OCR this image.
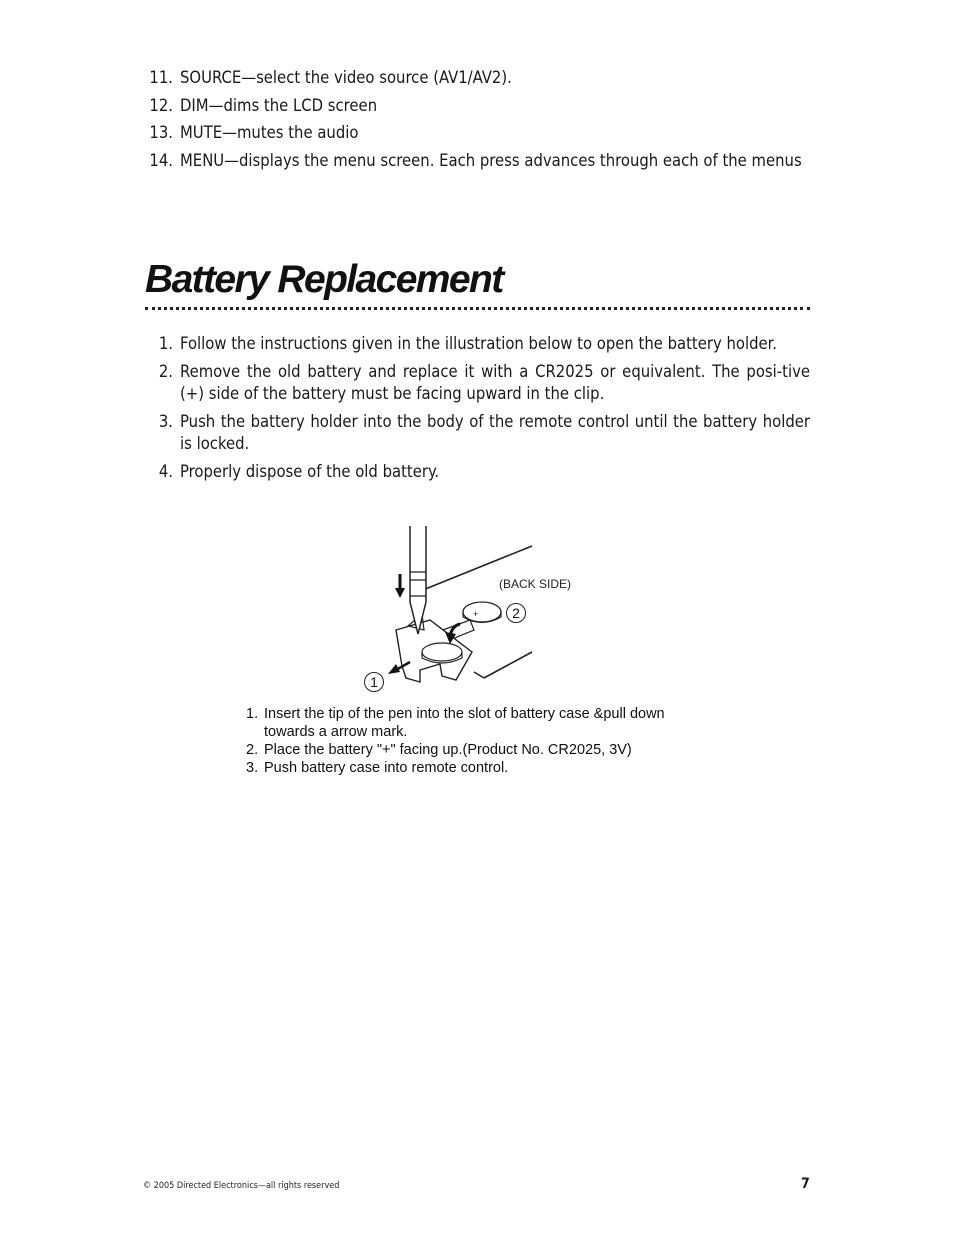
11. SOURCE—select the video source (AV1/AV2).
12. DIM—dims the LCD screen
13. MUTE—mutes the audio
14. MENU—displays the menu screen. Each press advances through each of the menus
Battery Replacement
1. Follow the instructions given in the illustration below to open the battery holder.
2. Remove the old battery and replace it with a CR2025 or equivalent. The posi-tive (+) side of the battery must be facing upward in the clip.
3. Push the battery holder into the body of the remote control until the battery holder is locked.
4. Properly dispose of the old battery.
+
(BACK SIDE)
1
2
1. Insert the tip of the pen into the slot of battery case &pull down towards a arrow mark.
2. Place the battery "+" facing up.(Product No. CR2025, 3V)
3. Push battery case into remote control.
© 2005 Directed Electronics—all rights reserved	7
